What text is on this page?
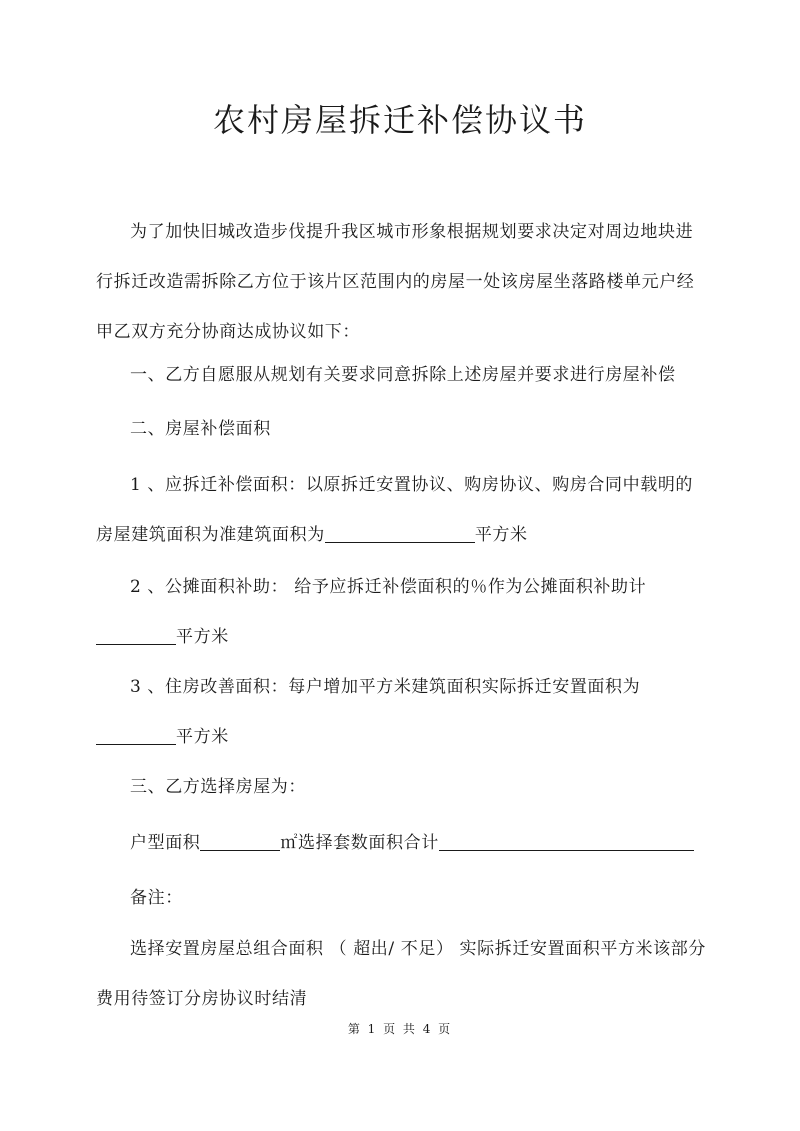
农村房屋拆迁补偿协议书
为了加快旧城改造步伐提升我区城市形象根据规划要求决定对周边地块进行拆迁改造需拆除乙方位于该片区范围内的房屋一处该房屋坐落路楼单元户经甲乙双方充分协商达成协议如下：
一、乙方自愿服从规划有关要求同意拆除上述房屋并要求进行房屋补偿
二、房屋补偿面积
1 、应拆迁补偿面积：以原拆迁安置协议、购房协议、购房合同中载明的房屋建筑面积为准建筑面积为	平方米
2 、公摊面积补助： 给予应拆迁补偿面积的％作为公摊面积补助计平方米
3 、住房改善面积：每户增加平方米建筑面积实际拆迁安置面积为平方米
三、乙方选择房屋为：
户型面积	㎡选择套数面积合计
备注：
选择安置房屋总组合面积 （ 超出/ 不足） 实际拆迁安置面积平方米该部分费用待签订分房协议时结清
第 1 页 共 4 页
